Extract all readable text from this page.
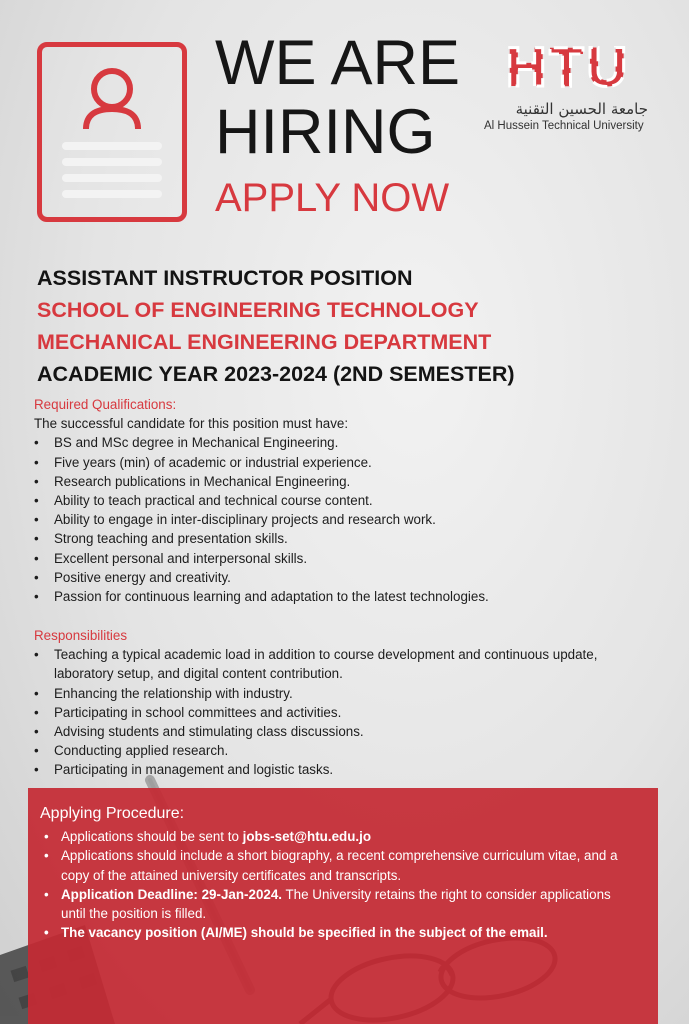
WE ARE
HIRING
APPLY NOW
HTU
جامعة الحسين التقنية
Al Hussein Technical University
ASSISTANT INSTRUCTOR POSITION
SCHOOL OF ENGINEERING TECHNOLOGY
MECHANICAL ENGINEERING DEPARTMENT
ACADEMIC YEAR 2023-2024 (2ND SEMESTER)
Required Qualifications:
The successful candidate for this position must have:
• BS and MSc degree in Mechanical Engineering.
• Five years (min) of academic or industrial experience.
• Research publications in Mechanical Engineering.
• Ability to teach practical and technical course content.
• Ability to engage in inter-disciplinary projects and research work.
• Strong teaching and presentation skills.
• Excellent personal and interpersonal skills.
• Positive energy and creativity.
• Passion for continuous learning and adaptation to the latest technologies.
Responsibilities
• Teaching a typical academic load in addition to course development and continuous update, laboratory setup, and digital content contribution.
• Enhancing the relationship with industry.
• Participating in school committees and activities.
• Advising students and stimulating class discussions.
• Conducting applied research.
• Participating in management and logistic tasks.
Applying Procedure:
• Applications should be sent to jobs-set@htu.edu.jo
• Applications should include a short biography, a recent comprehensive curriculum vitae, and a copy of the attained university certificates and transcripts.
• Application Deadline: 29-Jan-2024. The University retains the right to consider applications until the position is filled.
• The vacancy position (AI/ME) should be specified in the subject of the email.
